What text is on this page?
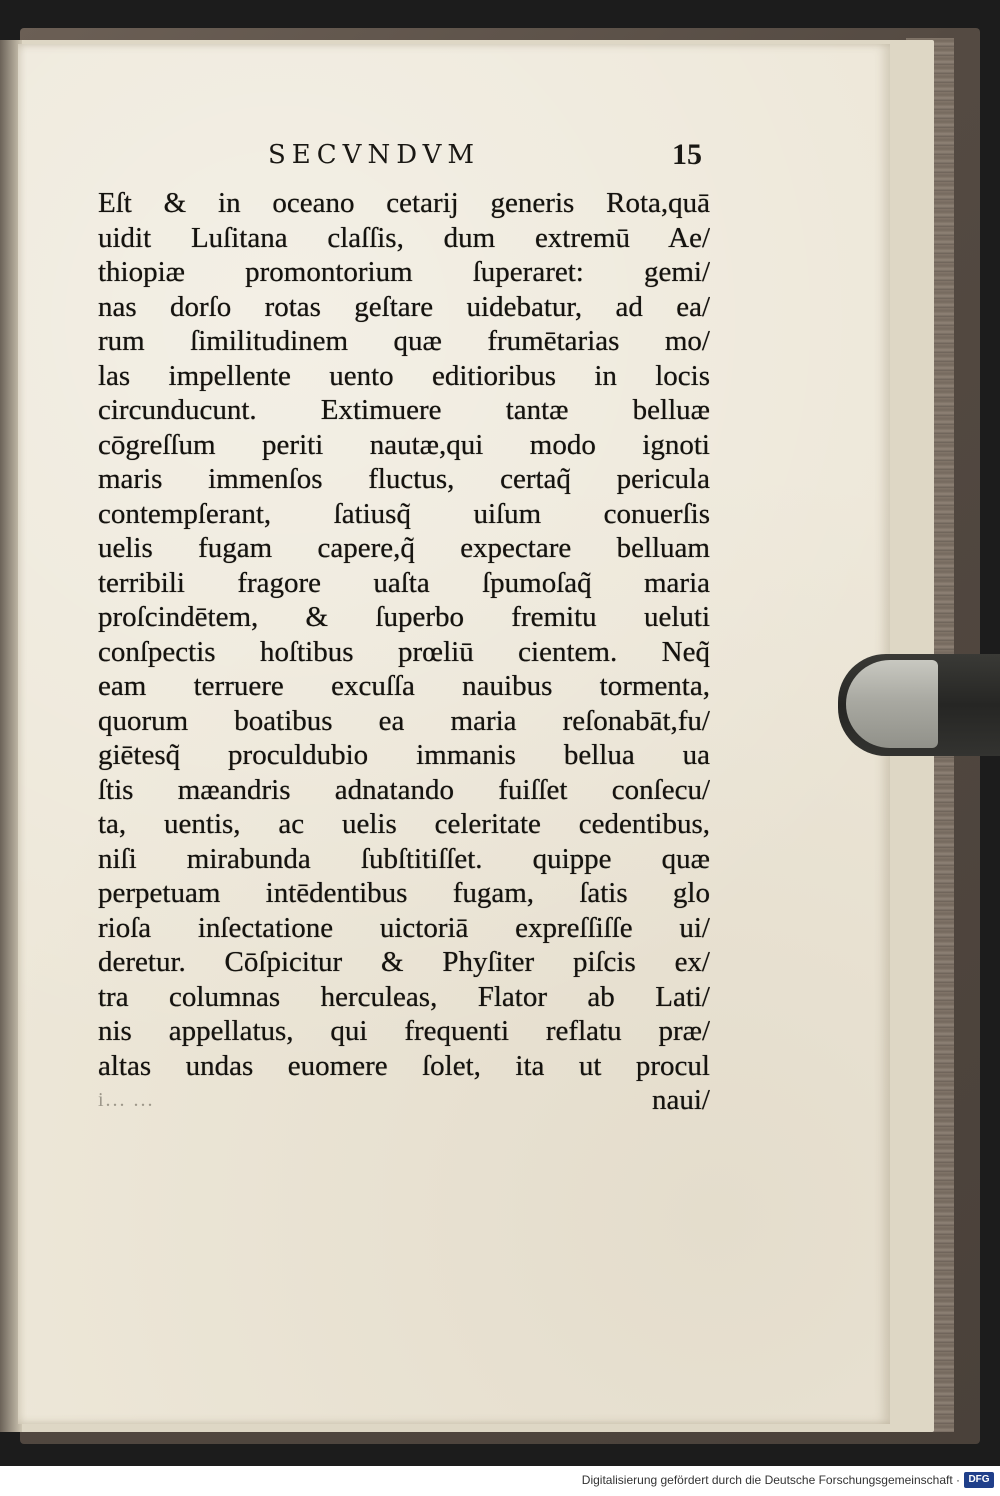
SECVNDVM	15
Eſt & in oceano cetarij generis Rota,quā
uidit Luſitana claſſis, dum extremū Ae/
thiopiæ promontorium ſuperaret: gemi/
nas dorſo rotas geſtare uidebatur, ad ea/
rum ſimilitudinem quæ frumētarias mo/
las impellente uento editioribus in locis
circunducunt. Extimuere tantæ belluæ
cōgreſſum periti nautæ,qui modo ignoti
maris immenſos fluctus, certaq̃ pericula
contempſerant, ſatiusq̃ uiſum conuerſis
uelis fugam capere,q̃ expectare belluam
terribili fragore uaſta ſpumoſaq̃ maria
proſcindētem, & ſuperbo fremitu ueluti
conſpectis hoſtibus prœliū cientem. Neq̃
eam terruere excuſſa nauibus tormenta,
quorum boatibus ea maria reſonabāt,fu/
giētesq̃ proculdubio immanis bellua ua
ſtis mæandris adnatando fuiſſet conſecu/
ta, uentis, ac uelis celeritate cedentibus,
niſi mirabunda ſubſtitiſſet. quippe quæ
perpetuam intēdentibus fugam, ſatis glo
rioſa inſectatione uictoriā expreſſiſſe ui/
deretur. Cōſpicitur & Phyſiter piſcis ex/
tra columnas herculeas, Flator ab Lati/
nis appellatus, qui frequenti reflatu præ/
altas undas euomere ſolet, ita ut procul
i... ...	naui/
Digitalisierung gefördert durch die Deutsche Forschungsgemeinschaft · DFG
